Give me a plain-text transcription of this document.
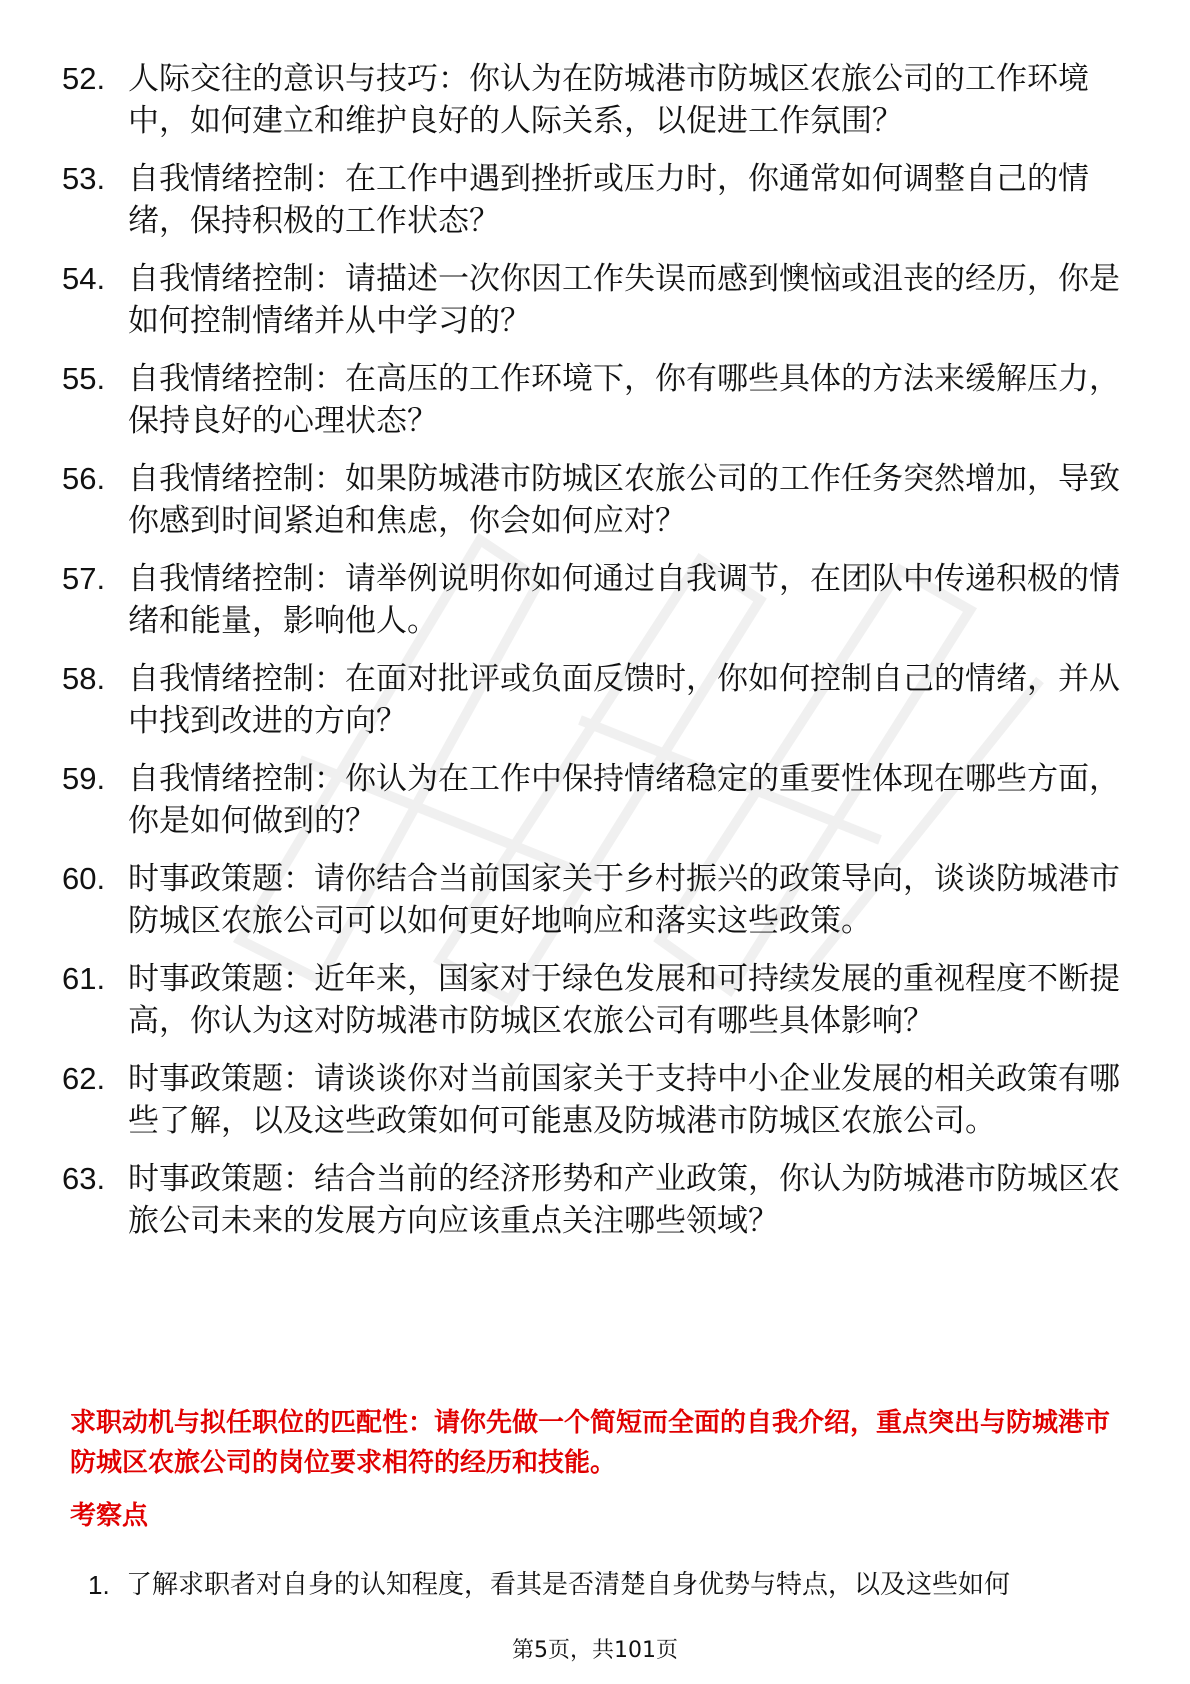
52. 人际交往的意识与技巧：你认为在防城港市防城区农旅公司的工作环境中，如何建立和维护良好的人际关系，以促进工作氛围？
53. 自我情绪控制：在工作中遇到挫折或压力时，你通常如何调整自己的情绪，保持积极的工作状态？
54. 自我情绪控制：请描述一次你因工作失误而感到懊恼或沮丧的经历，你是如何控制情绪并从中学习的？
55. 自我情绪控制：在高压的工作环境下，你有哪些具体的方法来缓解压力，保持良好的心理状态？
56. 自我情绪控制：如果防城港市防城区农旅公司的工作任务突然增加，导致你感到时间紧迫和焦虑，你会如何应对？
57. 自我情绪控制：请举例说明你如何通过自我调节，在团队中传递积极的情绪和能量，影响他人。
58. 自我情绪控制：在面对批评或负面反馈时，你如何控制自己的情绪，并从中找到改进的方向？
59. 自我情绪控制：你认为在工作中保持情绪稳定的重要性体现在哪些方面，你是如何做到的？
60. 时事政策题：请你结合当前国家关于乡村振兴的政策导向，谈谈防城港市防城区农旅公司可以如何更好地响应和落实这些政策。
61. 时事政策题：近年来，国家对于绿色发展和可持续发展的重视程度不断提高，你认为这对防城港市防城区农旅公司有哪些具体影响？
62. 时事政策题：请谈谈你对当前国家关于支持中小企业发展的相关政策有哪些了解，以及这些政策如何可能惠及防城港市防城区农旅公司。
63. 时事政策题：结合当前的经济形势和产业政策，你认为防城港市防城区农旅公司未来的发展方向应该重点关注哪些领域？
求职动机与拟任职位的匹配性：请你先做一个简短而全面的自我介绍，重点突出与防城港市防城区农旅公司的岗位要求相符的经历和技能。
考察点
1. 了解求职者对自身的认知程度，看其是否清楚自身优势与特点，以及这些如何
第5页，共101页
